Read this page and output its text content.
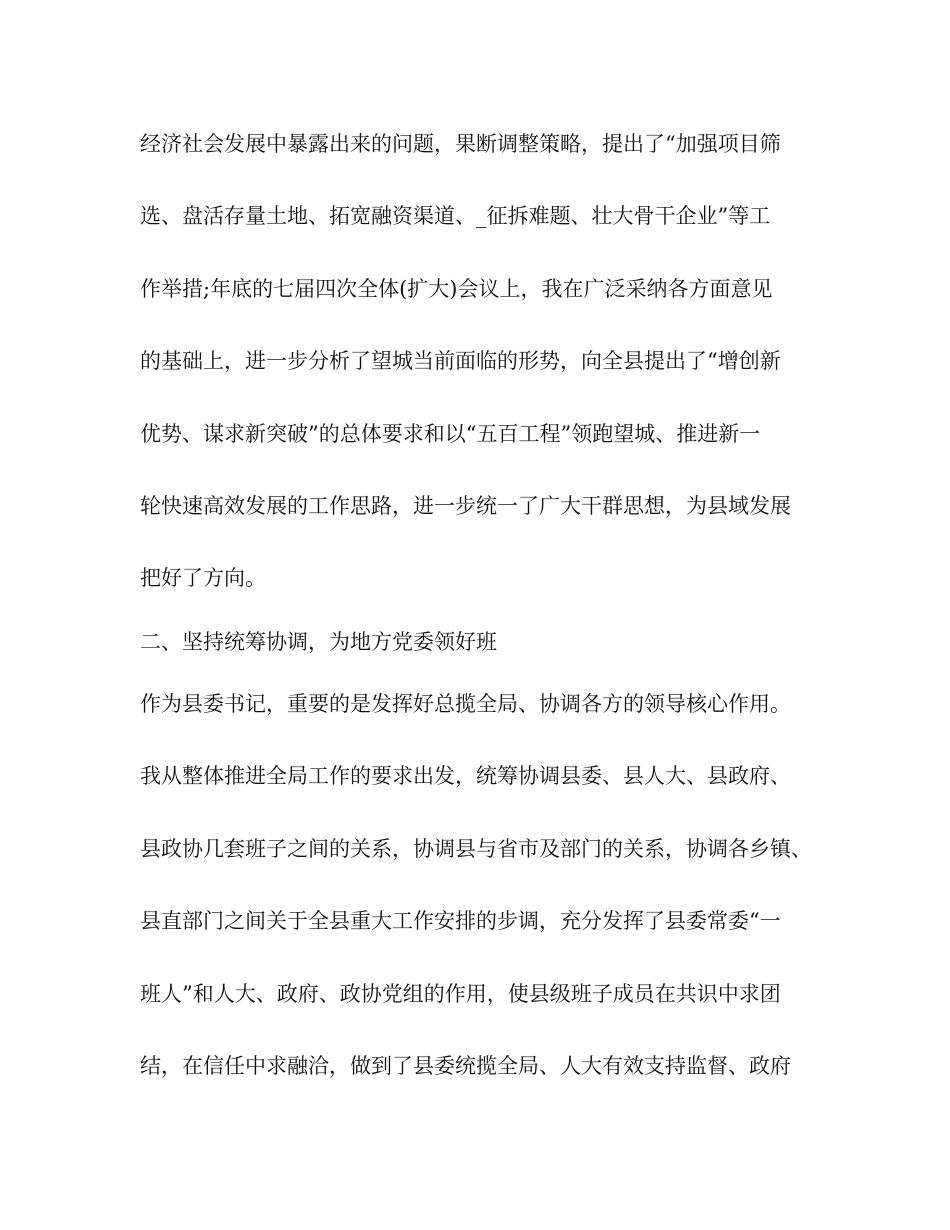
经济社会发展中暴露出来的问题，果断调整策略，提出了“加强项目筛
选、盘活存量土地、拓宽融资渠道、_征拆难题、壮大骨干企业”等工
作举措;年底的七届四次全体(扩大)会议上，我在广泛采纳各方面意见
的基础上，进一步分析了望城当前面临的形势，向全县提出了“增创新
优势、谋求新突破”的总体要求和以“五百工程”领跑望城、推进新一
轮快速高效发展的工作思路，进一步统一了广大干群思想，为县域发展
把好了方向。
二、坚持统筹协调，为地方党委领好班
作为县委书记，重要的是发挥好总揽全局、协调各方的领导核心作用。
我从整体推进全局工作的要求出发，统筹协调县委、县人大、县政府、
县政协几套班子之间的关系，协调县与省市及部门的关系，协调各乡镇、
县直部门之间关于全县重大工作安排的步调，充分发挥了县委常委“一
班人”和人大、政府、政协党组的作用，使县级班子成员在共识中求团
结，在信任中求融洽，做到了县委统揽全局、人大有效支持监督、政府
